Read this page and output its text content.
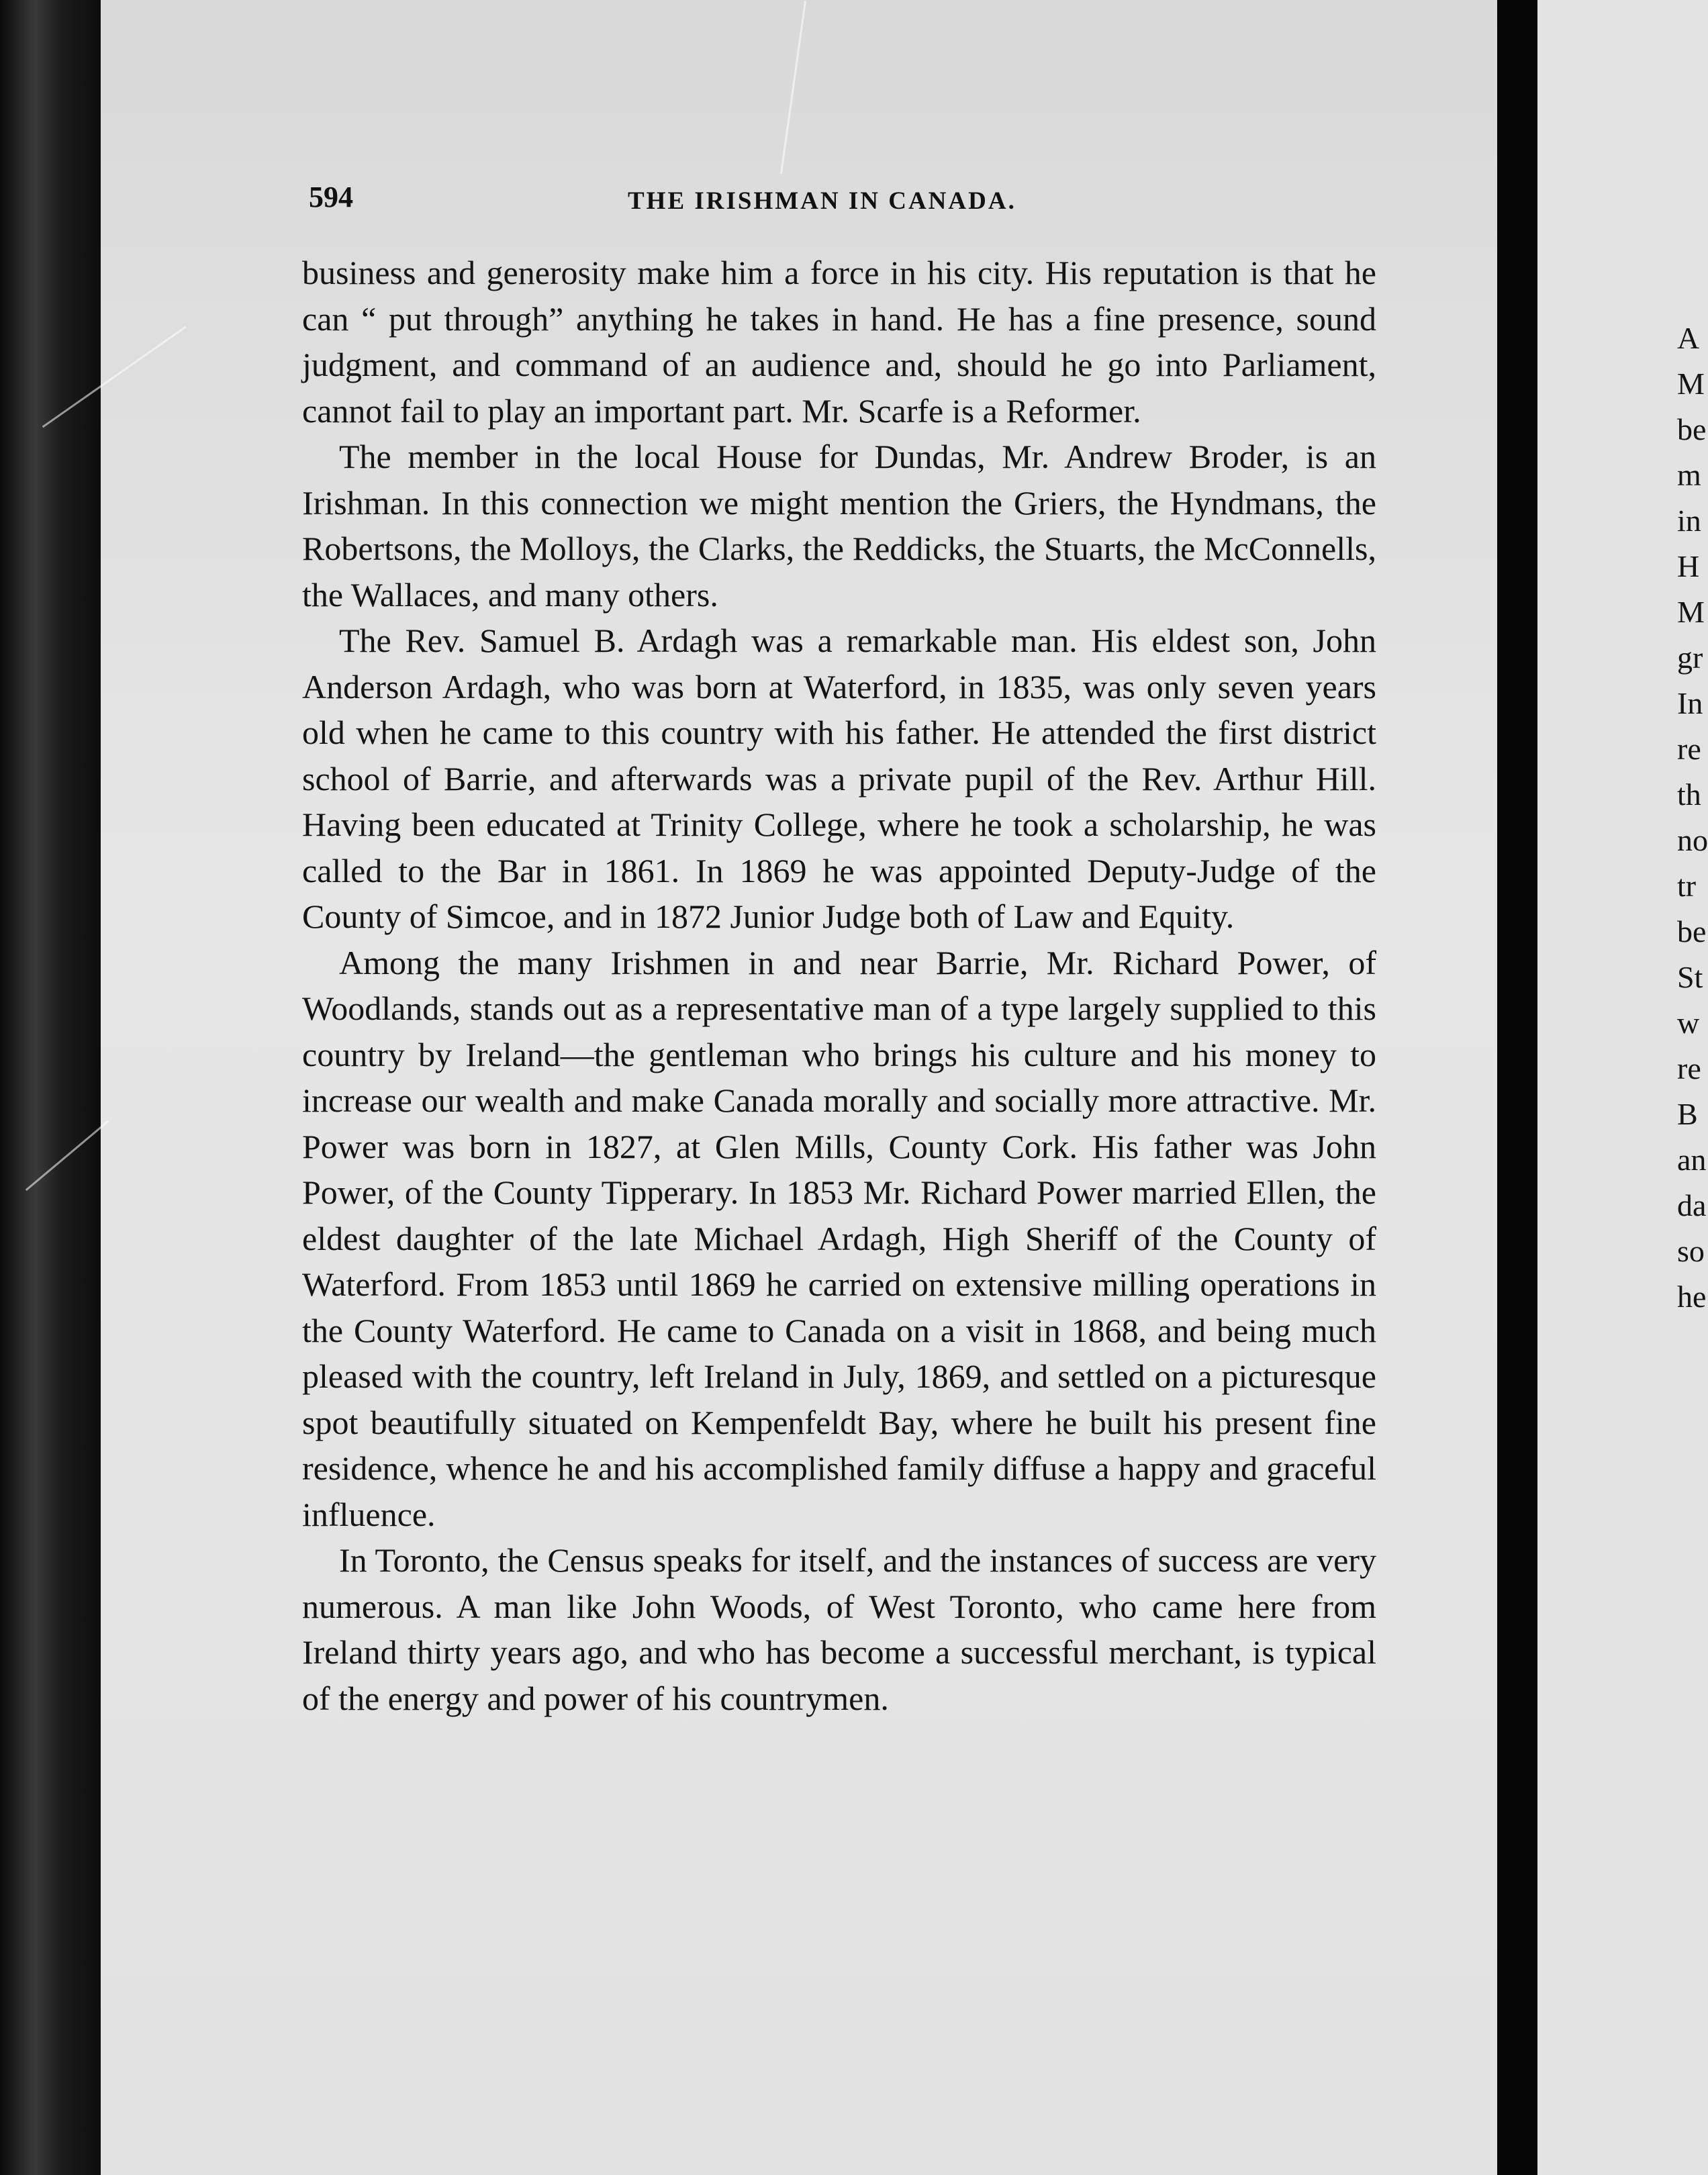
594	THE IRISHMAN IN CANADA.

business and generosity make him a force in his city. His reputation is that he can “ put through” anything he takes in hand. He has a fine presence, sound judgment, and command of an audience and, should he go into Parliament, cannot fail to play an important part. Mr. Scarfe is a Reformer.

The member in the local House for Dundas, Mr. Andrew Broder, is an Irishman. In this connection we might mention the Griers, the Hyndmans, the Robertsons, the Molloys, the Clarks, the Reddicks, the Stuarts, the McConnells, the Wallaces, and many others.

The Rev. Samuel B. Ardagh was a remarkable man. His eldest son, John Anderson Ardagh, who was born at Waterford, in 1835, was only seven years old when he came to this country with his father. He attended the first district school of Barrie, and afterwards was a private pupil of the Rev. Arthur Hill. Having been educated at Trinity College, where he took a scholarship, he was called to the Bar in 1861. In 1869 he was appointed Deputy-Judge of the County of Simcoe, and in 1872 Junior Judge both of Law and Equity.

Among the many Irishmen in and near Barrie, Mr. Richard Power, of Woodlands, stands out as a representative man of a type largely supplied to this country by Ireland—the gentleman who brings his culture and his money to increase our wealth and make Canada morally and socially more attractive. Mr. Power was born in 1827, at Glen Mills, County Cork. His father was John Power, of the County Tipperary. In 1853 Mr. Richard Power married Ellen, the eldest daughter of the late Michael Ardagh, High Sheriff of the County of Waterford. From 1853 until 1869 he carried on extensive milling operations in the County Waterford. He came to Canada on a visit in 1868, and being much pleased with the country, left Ireland in July, 1869, and settled on a picturesque spot beautifully situated on Kempenfeldt Bay, where he built his present fine residence, whence he and his accomplished family diffuse a happy and graceful influence.

In Toronto, the Census speaks for itself, and the instances of success are very numerous. A man like John Woods, of West Toronto, who came here from Ireland thirty years ago, and who has become a successful merchant, is typical of the energy and power of his countrymen.

A
M
be
m
in
H
M
gr
In
re
th
no
tr
be
St
w
re
B
an
da
so
he
